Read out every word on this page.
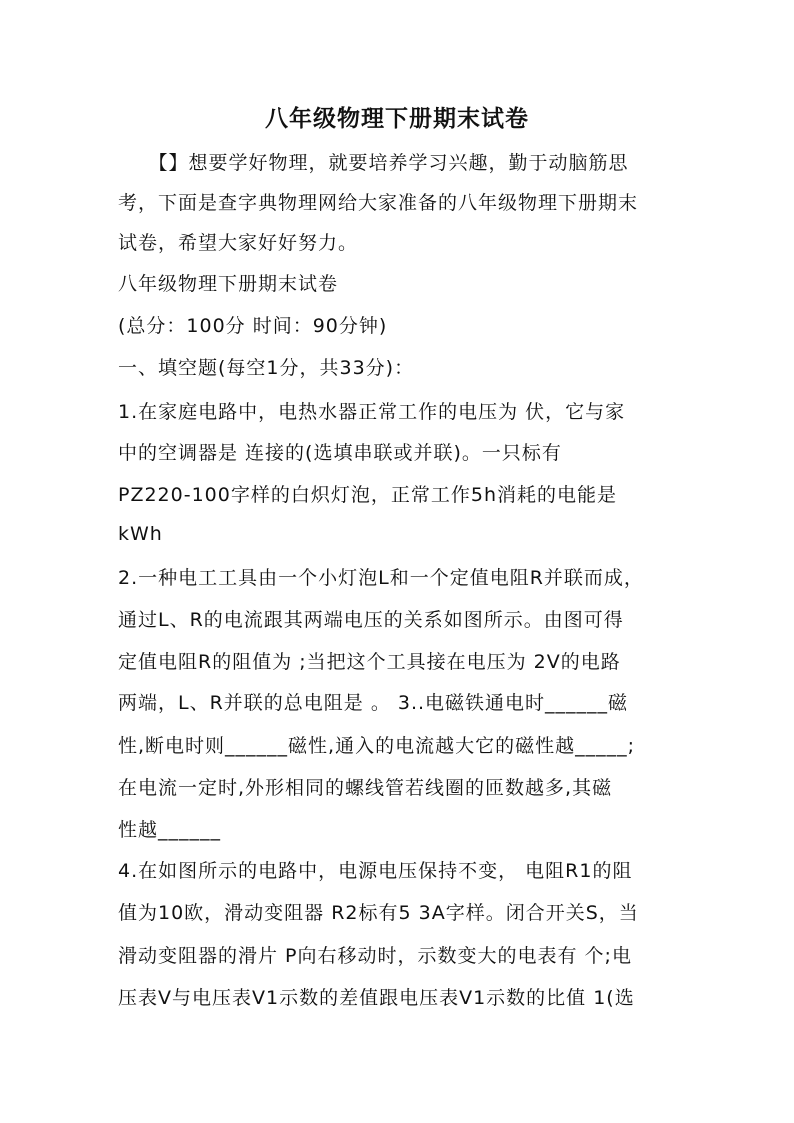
八年级物理下册期末试卷
　　【】想要学好物理，就要培养学习兴趣，勤于动脑筋思
考，下面是查字典物理网给大家准备的八年级物理下册期末
试卷，希望大家好好努力。
八年级物理下册期末试卷
(总分：100分 时间：90分钟)
一、填空题(每空1分，共33分)：
1.在家庭电路中，电热水器正常工作的电压为 伏，它与家
中的空调器是 连接的(选填串联或并联)。一只标有
PZ220-100字样的白炽灯泡，正常工作5h消耗的电能是
kWh
2.一种电工工具由一个小灯泡L和一个定值电阻R并联而成，
通过L、R的电流跟其两端电压的关系如图所示。由图可得
定值电阻R的阻值为 ;当把这个工具接在电压为 2V的电路
两端，L、R并联的总电阻是 。 3..电磁铁通电时______磁
性,断电时则______磁性,通入的电流越大它的磁性越_____;
在电流一定时,外形相同的螺线管若线圈的匝数越多,其磁
性越______
4.在如图所示的电路中，电源电压保持不变， 电阻R1的阻
值为10欧，滑动变阻器 R2标有5 3A字样。闭合开关S，当
滑动变阻器的滑片 P向右移动时，示数变大的电表有 个;电
压表V与电压表V1示数的差值跟电压表V1示数的比值 1(选
